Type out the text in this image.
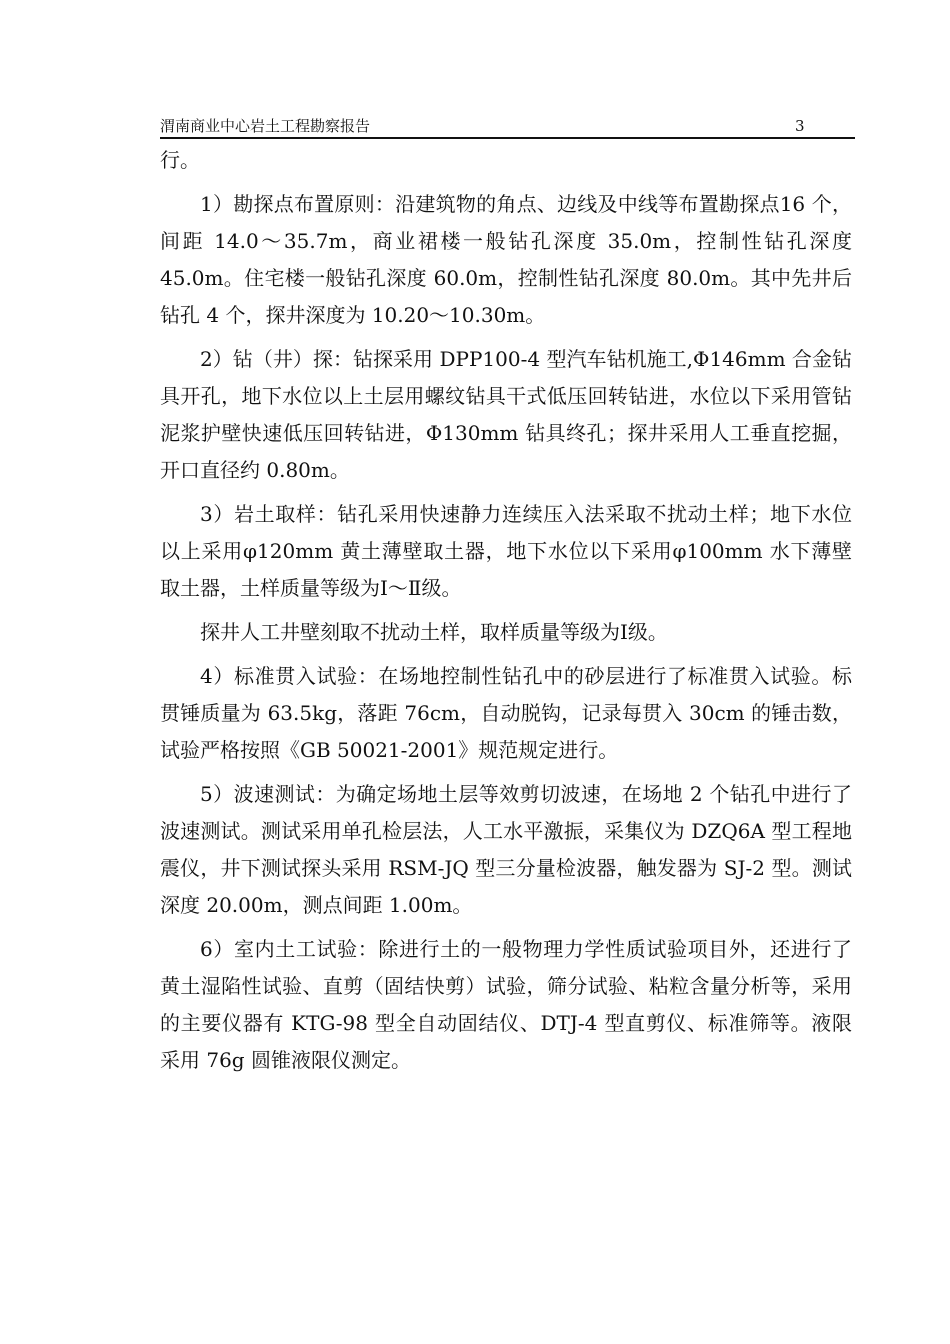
渭南商业中心岩土工程勘察报告	3

行。

1）勘探点布置原则：沿建筑物的角点、边线及中线等布置勘探点16 个，间距 14.0～35.7m，商业裙楼一般钻孔深度 35.0m，控制性钻孔深度 45.0m。住宅楼一般钻孔深度 60.0m，控制性钻孔深度 80.0m。其中先井后钻孔 4 个，探井深度为 10.20～10.30m。

2）钻（井）探：钻探采用 DPP100-4 型汽车钻机施工,Φ146mm 合金钻具开孔，地下水位以上土层用螺纹钻具干式低压回转钻进，水位以下采用管钻泥浆护壁快速低压回转钻进，Φ130mm 钻具终孔；探井采用人工垂直挖掘，开口直径约 0.80m。

3）岩土取样：钻孔采用快速静力连续压入法采取不扰动土样；地下水位以上采用φ120mm 黄土薄壁取土器，地下水位以下采用φ100mm 水下薄壁取土器，土样质量等级为Ⅰ～Ⅱ级。

探井人工井壁刻取不扰动土样，取样质量等级为Ⅰ级。

4）标准贯入试验：在场地控制性钻孔中的砂层进行了标准贯入试验。标贯锤质量为 63.5kg，落距 76cm，自动脱钩，记录每贯入 30cm 的锤击数，试验严格按照《GB 50021-2001》规范规定进行。

5）波速测试：为确定场地土层等效剪切波速，在场地 2 个钻孔中进行了波速测试。测试采用单孔检层法，人工水平激振，采集仪为 DZQ6A 型工程地震仪，井下测试探头采用 RSM-JQ 型三分量检波器，触发器为 SJ-2 型。测试深度 20.00m，测点间距 1.00m。

6）室内土工试验：除进行土的一般物理力学性质试验项目外，还进行了黄土湿陷性试验、直剪（固结快剪）试验，筛分试验、粘粒含量分析等，采用的主要仪器有 KTG-98 型全自动固结仪、DTJ-4 型直剪仪、标准筛等。液限采用 76g 圆锥液限仪测定。
